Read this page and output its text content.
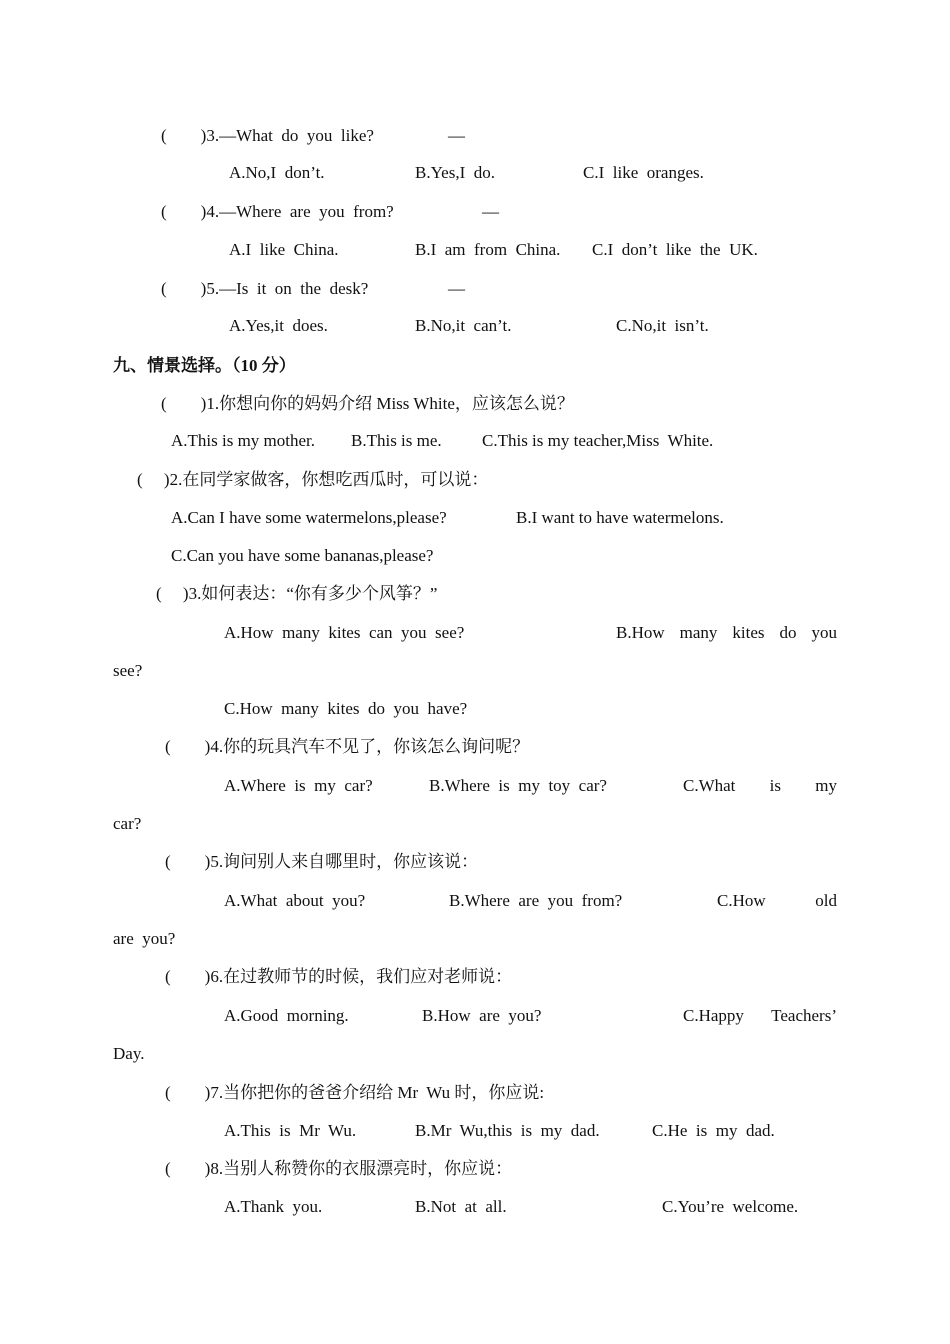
(        ) 3.—What  do  you  like?	—
A.No,I  don’t.	B.Yes,I  do.	C.I  like  oranges.
(        ) 4.—Where  are  you  from?	—
A.I  like  China.	B.I  am  from  China. C.I  don’t  like  the  UK.
(        ) 5.—Is  it  on  the  desk?	—
A.Yes,it  does.	B.No,it  can’t.	C.No,it  isn’t.
九、情景选择。（10 分）
(        ) 1.你想向你的妈妈介绍 Miss White，应该怎么说？
A.This is my mother. B.This is me. C.This is my teacher,Miss  White.
(     ) 2.在同学家做客，你想吃西瓜时，可以说：
A.Can I have some watermelons,please?	B.I want to have watermelons.
C.Can you have some bananas,please?
(     ) 3.如何表达：“你有多少个风筝？”
A.How  many  kites  can  you  see?	B.How many kites do you
see?
C.How  many  kites  do  you  have?
(        ) 4.你的玩具汽车不见了，你该怎么询问呢？
A.Where  is  my  car?	B.Where  is  my  toy  car?	C.What is my
car?
(        ) 5.询问别人来自哪里时，你应该说：
A.What  about  you?	B.Where  are  you  from?	C.How	old
are  you?
(        ) 6.在过教师节的时候，我们应对老师说：
A.Good  morning.	B.How  are  you?	C.Happy Teachers’
Day.
(        ) 7.当你把你的爸爸介绍给 Mr  Wu 时，你应说:
A.This  is  Mr  Wu.	B.Mr  Wu,this  is  my  dad.	C.He  is  my  dad.
(        ) 8.当别人称赞你的衣服漂亮时，你应说：
A.Thank  you.	B.Not  at  all.	C.You’re  welcome.
